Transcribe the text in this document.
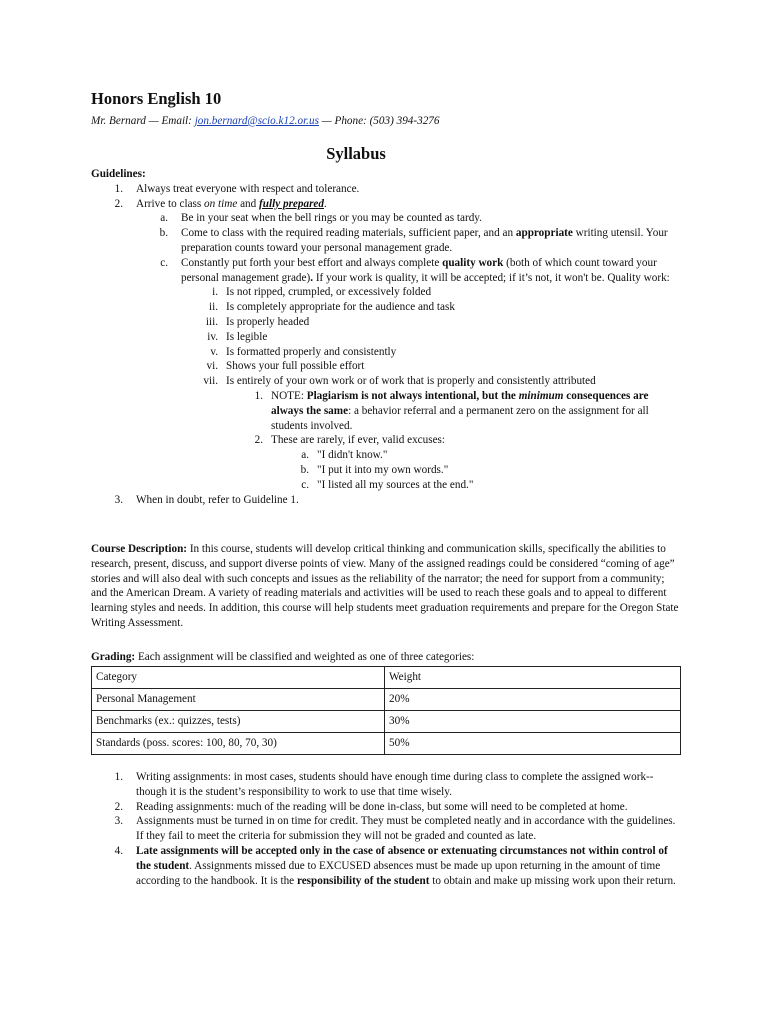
Honors English 10
Mr. Bernard — Email: jon.bernard@scio.k12.or.us — Phone: (503) 394-3276
Syllabus
Guidelines:
1. Always treat everyone with respect and tolerance.
2. Arrive to class on time and fully prepared.
a. Be in your seat when the bell rings or you may be counted as tardy.
b. Come to class with the required reading materials, sufficient paper, and an appropriate writing utensil. Your preparation counts toward your personal management grade.
c. Constantly put forth your best effort and always complete quality work (both of which count toward your personal management grade). If your work is quality, it will be accepted; if it’s not, it won't be. Quality work:
i. Is not ripped, crumpled, or excessively folded
ii. Is completely appropriate for the audience and task
iii. Is properly headed
iv. Is legible
v. Is formatted properly and consistently
vi. Shows your full possible effort
vii. Is entirely of your own work or of work that is properly and consistently attributed
1. NOTE: Plagiarism is not always intentional, but the minimum consequences are always the same: a behavior referral and a permanent zero on the assignment for all students involved.
2. These are rarely, if ever, valid excuses:
a. "I didn't know."
b. "I put it into my own words."
c. "I listed all my sources at the end."
3. When in doubt, refer to Guideline 1.
Course Description: In this course, students will develop critical thinking and communication skills, specifically the abilities to research, present, discuss, and support diverse points of view. Many of the assigned readings could be considered “coming of age” stories and will also deal with such concepts and issues as the reliability of the narrator; the need for support from a community; and the American Dream. A variety of reading materials and activities will be used to reach these goals and to appeal to different learning styles and needs. In addition, this course will help students meet graduation requirements and prepare for the Oregon State Writing Assessment.
Grading: Each assignment will be classified and weighted as one of three categories:
Category	Weight
Personal Management	20%
Benchmarks (ex.: quizzes, tests)	30%
Standards (poss. scores: 100, 80, 70, 30)	50%
1. Writing assignments: in most cases, students should have enough time during class to complete the assigned work--though it is the student’s responsibility to work to use that time wisely.
2. Reading assignments: much of the reading will be done in-class, but some will need to be completed at home.
3. Assignments must be turned in on time for credit. They must be completed neatly and in accordance with the guidelines. If they fail to meet the criteria for submission they will not be graded and counted as late.
4. Late assignments will be accepted only in the case of absence or extenuating circumstances not within control of the student. Assignments missed due to EXCUSED absences must be made up upon returning in the amount of time according to the handbook. It is the responsibility of the student to obtain and make up missing work upon their return.
